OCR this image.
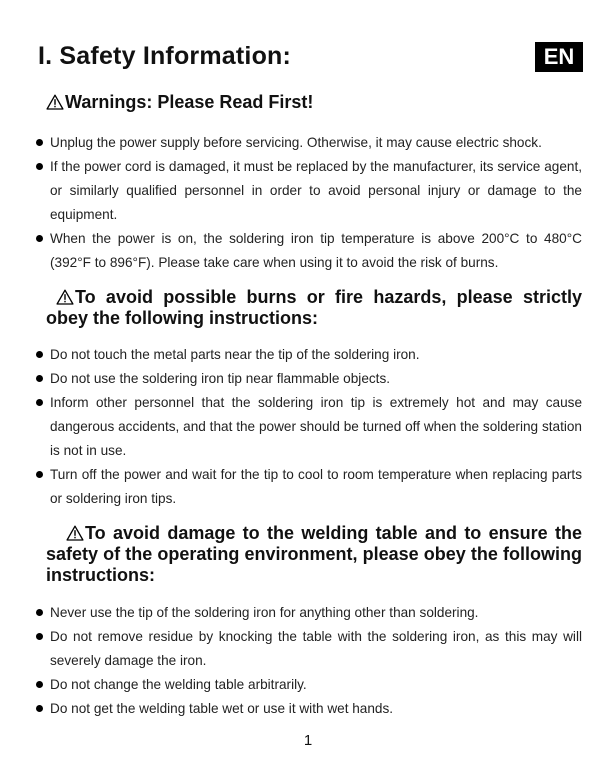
I. Safety Information:	EN
Warnings: Please Read First!
Unplug the power supply before servicing. Otherwise, it may cause electric shock.
If the power cord is damaged, it must be replaced by the manufacturer, its service agent, or similarly qualified personnel in order to avoid personal injury or damage to the equipment.
When the power is on, the soldering iron tip temperature is above 200°C to 480°C (392°F to 896°F). Please take care when using it to avoid the risk of burns.
To avoid possible burns or fire hazards, please strictly obey the following instructions:
Do not touch the metal parts near the tip of the soldering iron.
Do not use the soldering iron tip near flammable objects.
Inform other personnel that the soldering iron tip is extremely hot and may cause dangerous accidents, and that the power should be turned off when the soldering station is not in use.
Turn off the power and wait for the tip to cool to room temperature when replacing parts or soldering iron tips.
To avoid damage to the welding table and to ensure the safety of the operating environment, please obey the following instructions:
Never use the tip of the soldering iron for anything other than soldering.
Do not remove residue by knocking the table with the soldering iron, as this may will severely damage the iron.
Do not change the welding table arbitrarily.
Do not get the welding table wet or use it with wet hands.
1
